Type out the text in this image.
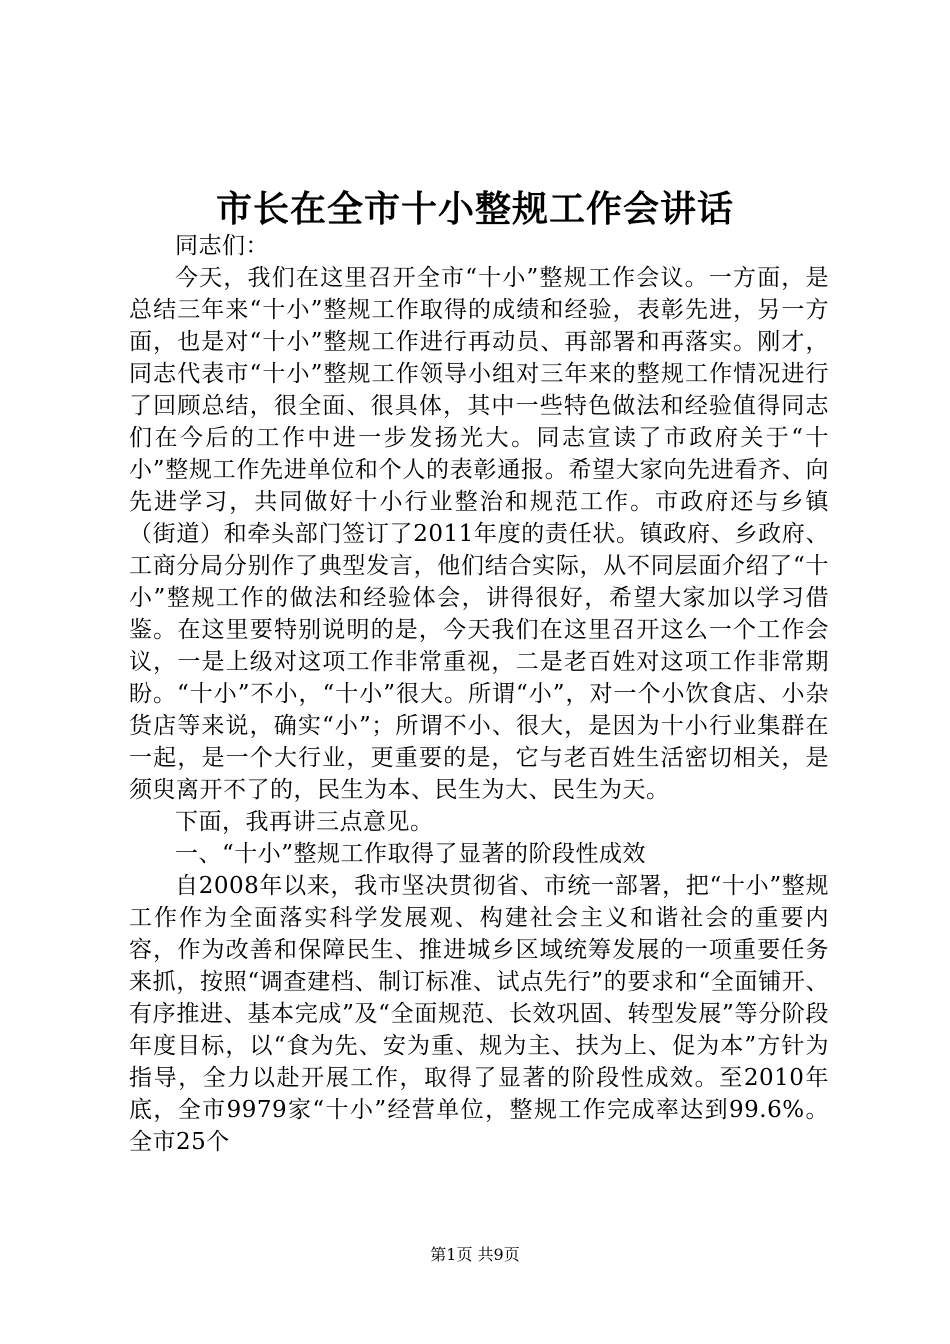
市长在全市十小整规工作会讲话

同志们：

今天，我们在这里召开全市“十小”整规工作会议。一方面，是总结三年来“十小”整规工作取得的成绩和经验，表彰先进，另一方面，也是对“十小”整规工作进行再动员、再部署和再落实。刚才，同志代表市“十小”整规工作领导小组对三年来的整规工作情况进行了回顾总结，很全面、很具体，其中一些特色做法和经验值得同志们在今后的工作中进一步发扬光大。同志宣读了市政府关于“十小”整规工作先进单位和个人的表彰通报。希望大家向先进看齐、向先进学习，共同做好十小行业整治和规范工作。市政府还与乡镇（街道）和牵头部门签订了2011年度的责任状。镇政府、乡政府、工商分局分别作了典型发言，他们结合实际，从不同层面介绍了“十小”整规工作的做法和经验体会，讲得很好，希望大家加以学习借鉴。在这里要特别说明的是，今天我们在这里召开这么一个工作会议，一是上级对这项工作非常重视，二是老百姓对这项工作非常期盼。“十小”不小，“十小”很大。所谓“小”，对一个小饮食店、小杂货店等来说，确实“小”；所谓不小、很大，是因为十小行业集群在一起，是一个大行业，更重要的是，它与老百姓生活密切相关，是须臾离开不了的，民生为本、民生为大、民生为天。

下面，我再讲三点意见。

一、“十小”整规工作取得了显著的阶段性成效

自2008年以来，我市坚决贯彻省、市统一部署，把“十小”整规工作作为全面落实科学发展观、构建社会主义和谐社会的重要内容，作为改善和保障民生、推进城乡区域统筹发展的一项重要任务来抓，按照“调查建档、制订标准、试点先行”的要求和“全面铺开、有序推进、基本完成”及“全面规范、长效巩固、转型发展”等分阶段年度目标，以“食为先、安为重、规为主、扶为上、促为本”方针为指导，全力以赴开展工作，取得了显著的阶段性成效。至2010年底，全市9979家“十小”经营单位，整规工作完成率达到99.6%。全市25个

第1页 共9页
